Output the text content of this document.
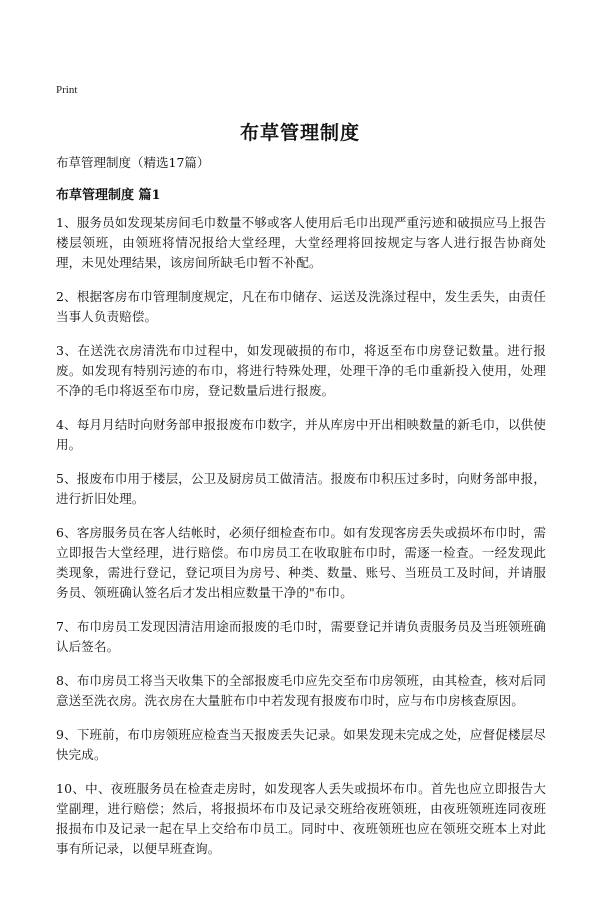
Print
布草管理制度
布草管理制度（精选17篇）
布草管理制度 篇1

1、服务员如发现某房间毛巾数量不够或客人使用后毛巾出现严重污迹和破损应马上报告楼层领班，由领班将情况报给大堂经理，大堂经理将回按规定与客人进行报告协商处理，未见处理结果，该房间所缺毛巾暂不补配。

2、根据客房布巾管理制度规定，凡在布巾储存、运送及洗涤过程中，发生丢失，由责任当事人负责赔偿。

3、在送洗衣房清洗布巾过程中，如发现破损的布巾，将返至布巾房登记数量。进行报废。如发现有特别污迹的布巾，将进行特殊处理，处理干净的毛巾重新投入使用，处理不净的毛巾将返至布巾房，登记数量后进行报废。

4、每月月结时向财务部申报报废布巾数字，并从库房中开出相映数量的新毛巾，以供使用。

5、报废布巾用于楼层，公卫及厨房员工做清洁。报废布巾积压过多时，向财务部申报，进行折旧处理。

6、客房服务员在客人结帐时，必须仔细检查布巾。如有发现客房丢失或损坏布巾时，需立即报告大堂经理，进行赔偿。布巾房员工在收取脏布巾时，需逐一检查。一经发现此类现象，需进行登记，登记项目为房号、种类、数量、账号、当班员工及时间，并请服务员、领班确认签名后才发出相应数量干净的"布巾。

7、布巾房员工发现因清洁用途而报废的毛巾时，需要登记并请负责服务员及当班领班确认后签名。

8、布巾房员工将当天收集下的全部报废毛巾应先交至布巾房领班，由其检查，核对后同意送至洗衣房。洗衣房在大量脏布巾中若发现有报废布巾时，应与布巾房核查原因。

9、下班前，布巾房领班应检查当天报废丢失记录。如果发现未完成之处，应督促楼层尽快完成。

10、中、夜班服务员在检查走房时，如发现客人丢失或损坏布巾。首先也应立即报告大堂副理，进行赔偿；然后，将报损坏布巾及记录交班给夜班领班，由夜班领班连同夜班报损布巾及记录一起在早上交给布巾员工。同时中、夜班领班也应在领班交班本上对此事有所记录，以便早班查询。
